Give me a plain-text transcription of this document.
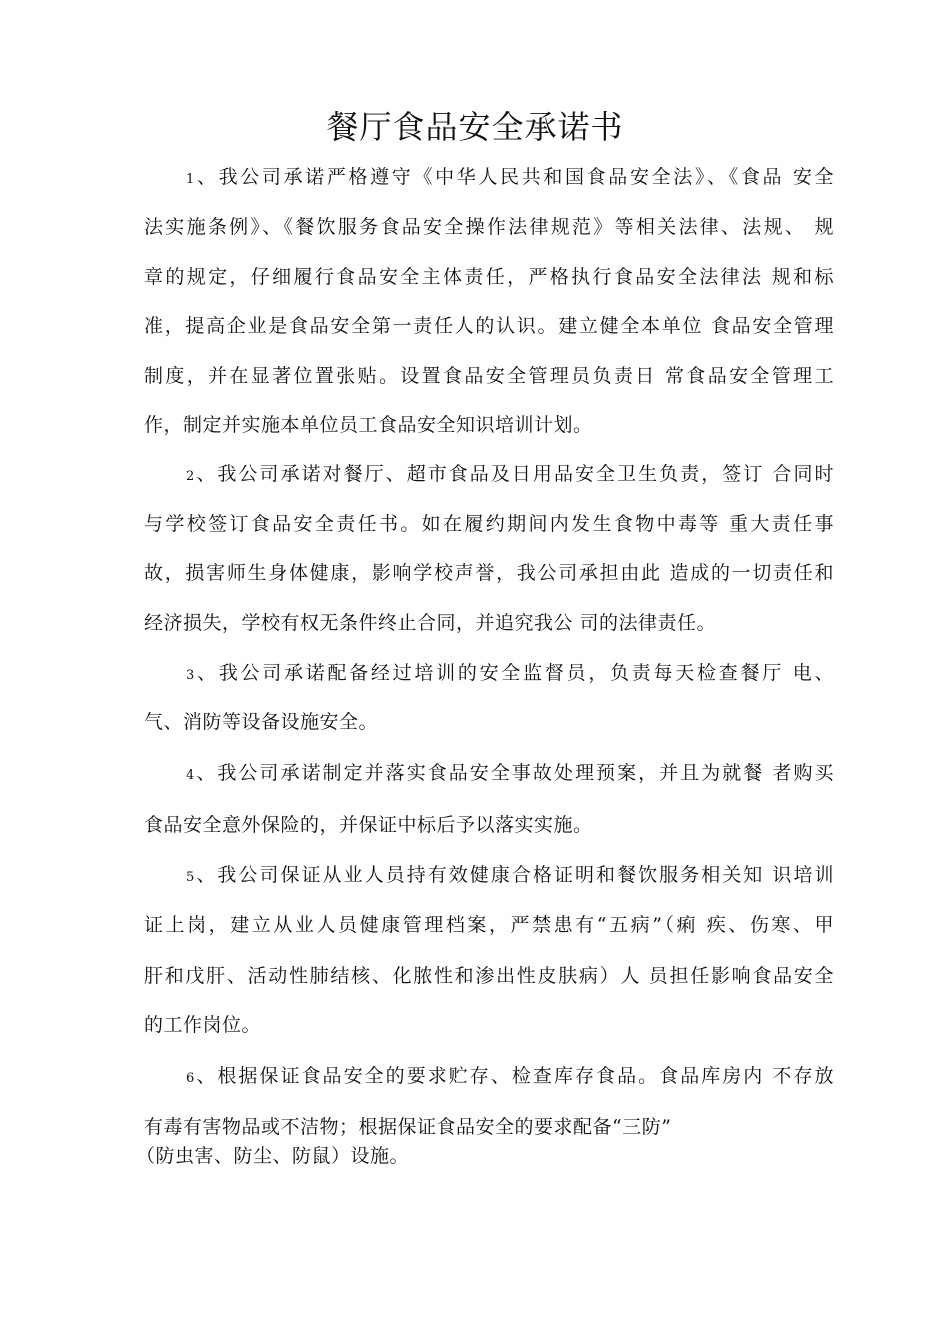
餐厅食品安全承诺书

1、我公司承诺严格遵守《中华人民共和国食品安全法》、《食品 安全

法实施条例》、《餐饮服务食品安全操作法律规范》等相关法律、法规、 规

章的规定，仔细履行食品安全主体责任，严格执行食品安全法律法 规和标

准，提高企业是食品安全第一责任人的认识。建立健全本单位 食品安全管理

制度，并在显著位置张贴。设置食品安全管理员负责日 常食品安全管理工

作，制定并实施本单位员工食品安全知识培训计划。

2、我公司承诺对餐厅、超市食品及日用品安全卫生负责，签订 合同时

与学校签订食品安全责任书。如在履约期间内发生食物中毒等 重大责任事

故，损害师生身体健康，影响学校声誉，我公司承担由此 造成的一切责任和

经济损失，学校有权无条件终止合同，并追究我公 司的法律责任。

3、我公司承诺配备经过培训的安全监督员，负责每天检查餐厅 电、

气、消防等设备设施安全。

4、我公司承诺制定并落实食品安全事故处理预案，并且为就餐 者购买

食品安全意外保险的，并保证中标后予以落实实施。

5、我公司保证从业人员持有效健康合格证明和餐饮服务相关知 识培训

证上岗，建立从业人员健康管理档案，严禁患有“五病”（痢 疾、伤寒、甲

肝和戊肝、活动性肺结核、化脓性和渗出性皮肤病）人 员担任影响食品安全

的工作岗位。

6、根据保证食品安全的要求贮存、检查库存食品。食品库房内 不存放

有毒有害物品或不洁物；根据保证食品安全的要求配备“三防”

（防虫害、防尘、防鼠）设施。
